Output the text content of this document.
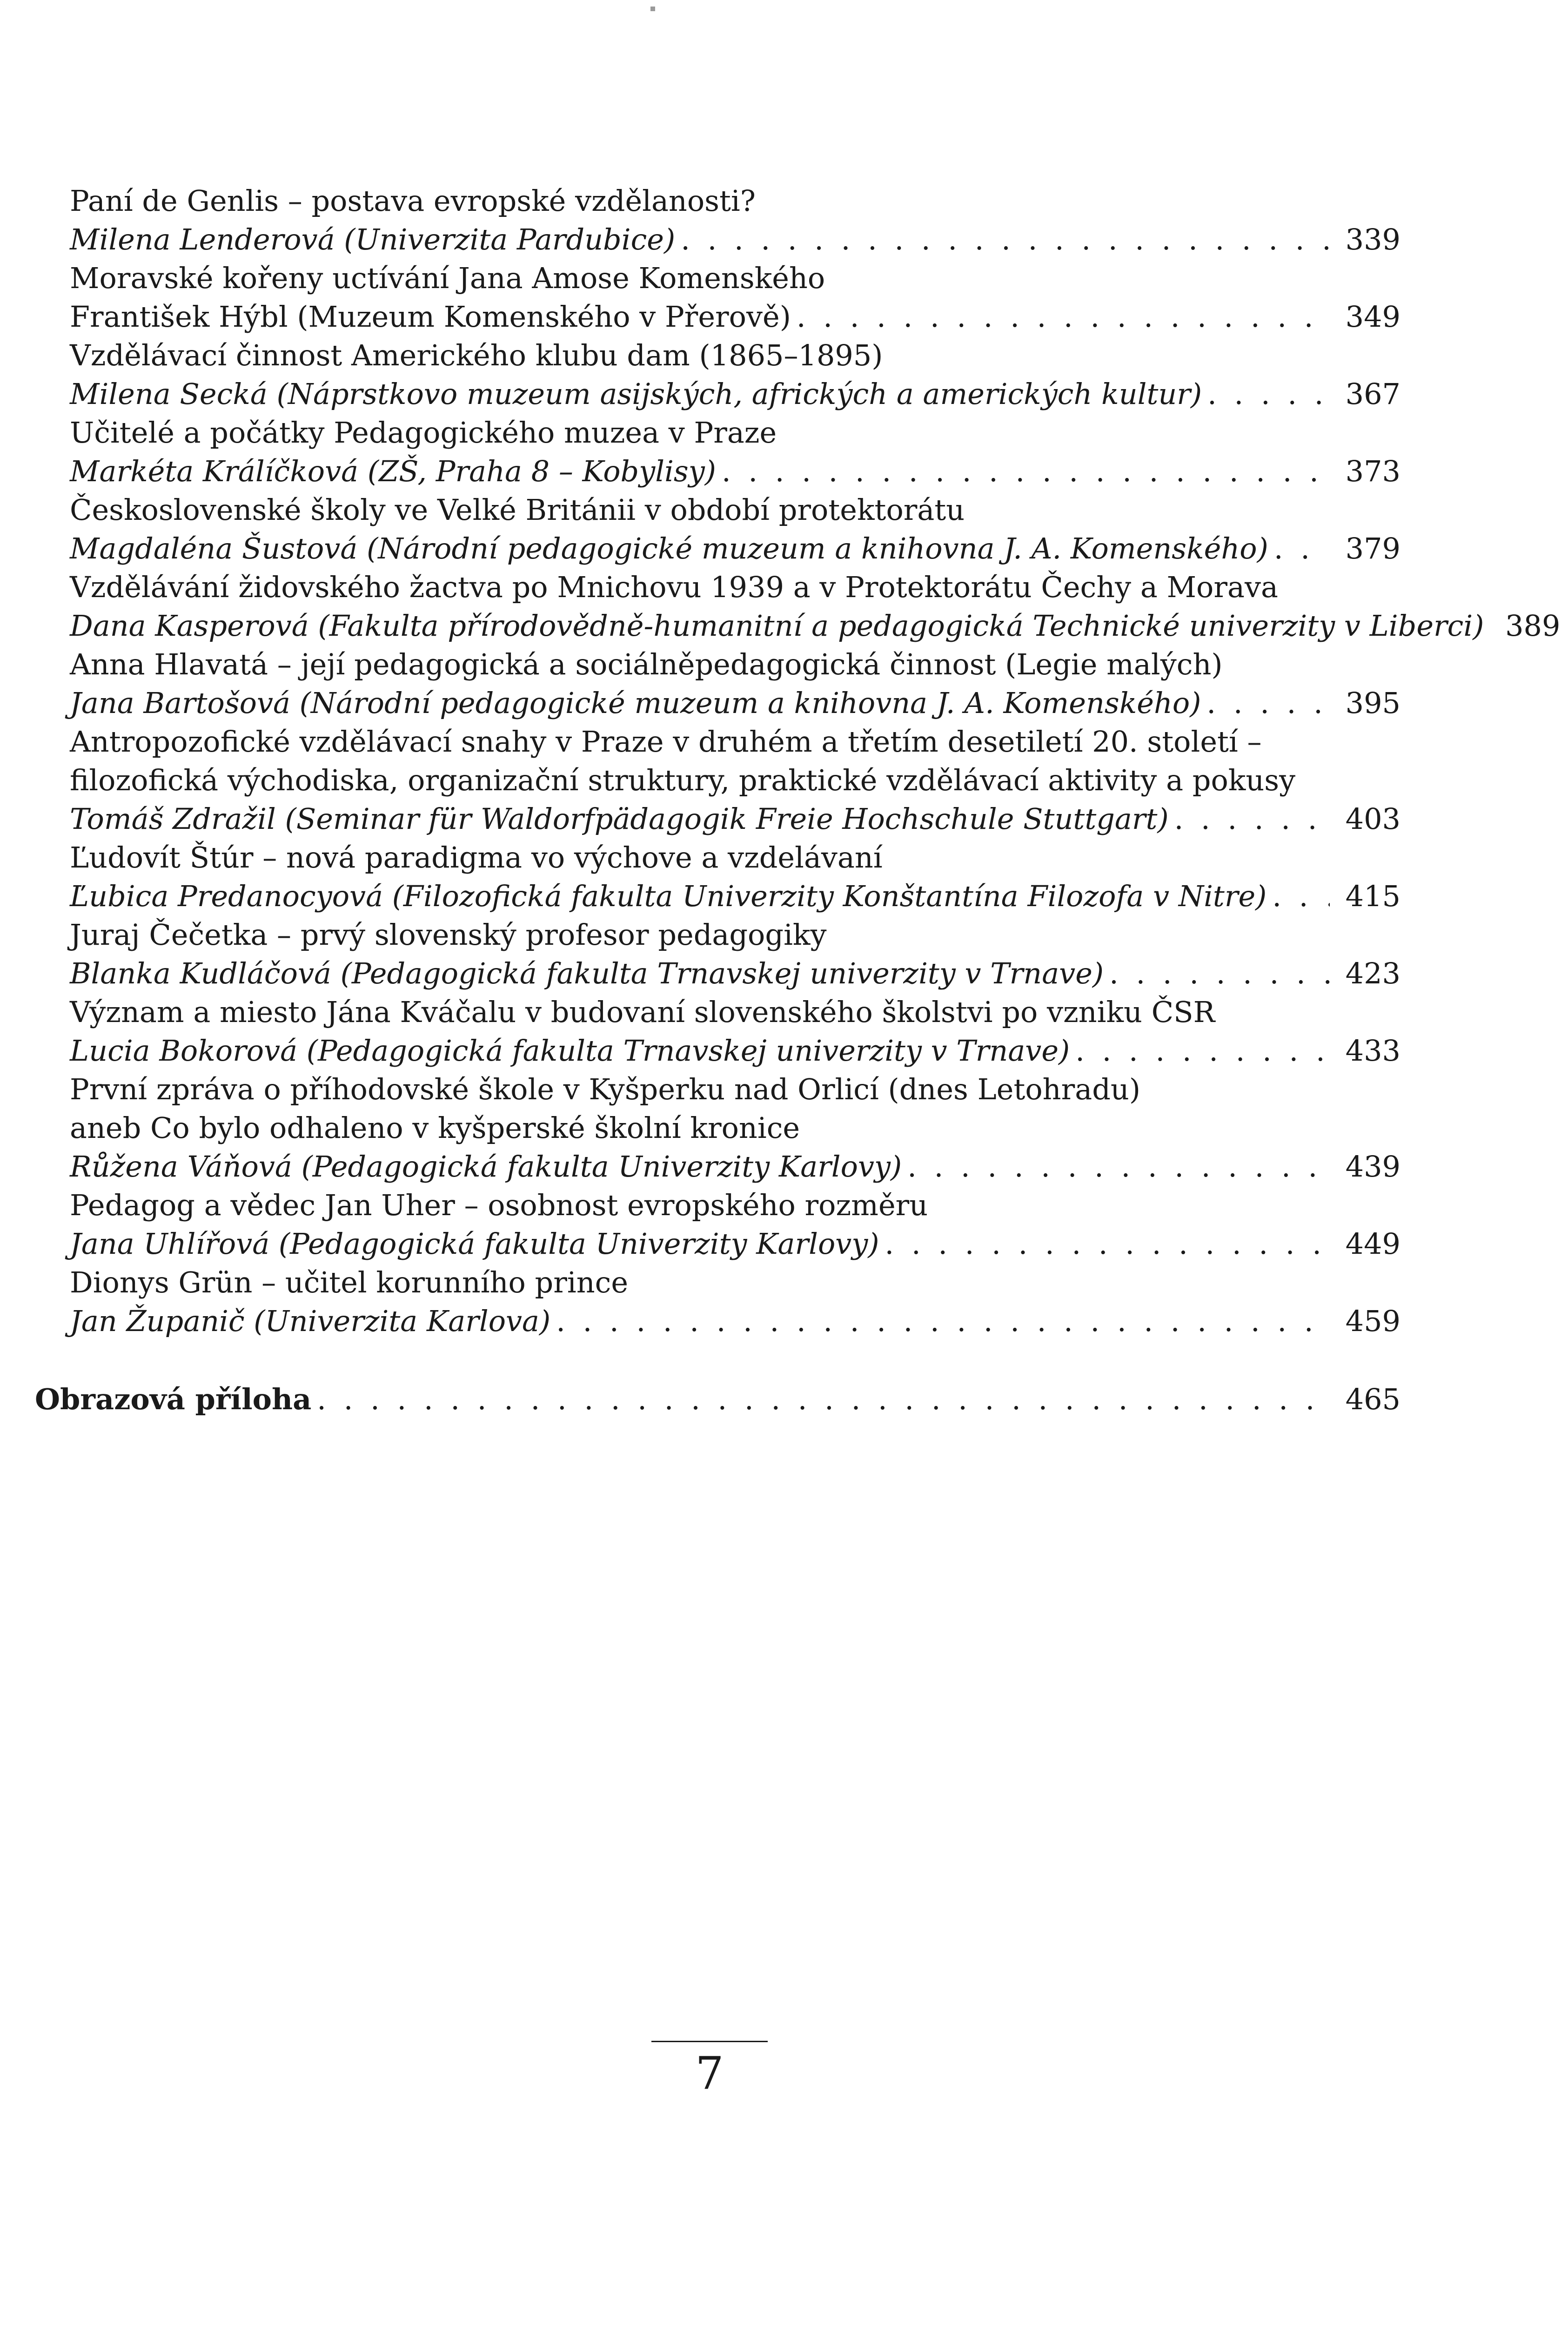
Paní de Genlis – postava evropské vzdělanosti?
Milena Lenderová (Univerzita Pardubice) . . .	339
Moravské kořeny uctívání Jana Amose Komenského
František Hýbl (Muzeum Komenského v Přerově) . . .	349
Vzdělávací činnost Amerického klubu dam (1865–1895)
Milena Secká (Náprstkovo muzeum asijských, afrických a amerických kultur) . . .	367
Učitelé a počátky Pedagogického muzea v Praze
Markéta Králíčková (ZŠ, Praha 8 – Kobylisy) . . .	373
Československé školy ve Velké Británii v období protektorátu
Magdaléna Šustová (Národní pedagogické muzeum a knihovna J. A. Komenského) . . .	379
Vzdělávání židovského žactva po Mnichovu 1939 a v Protektorátu Čechy a Morava
Dana Kasperová (Fakulta přírodovědně-humanitní a pedagogická Technické univerzity v Liberci) 389
Anna Hlavatá – její pedagogická a sociálněpedagogická činnost (Legie malých)
Jana Bartošová (Národní pedagogické muzeum a knihovna J. A. Komenského) . . .	395
Antropozofické vzdělávací snahy v Praze v druhém a třetím desetiletí 20. století –
filozofická východiska, organizační struktury, praktické vzdělávací aktivity a pokusy
Tomáš Zdražil (Seminar für Waldorfpädagogik Freie Hochschule Stuttgart) . . .	403
Ľudovít Štúr – nová paradigma vo výchove a vzdelávaní
Ľubica Predanocyová (Filozofická fakulta Univerzity Konštantína Filozofa v Nitre) . . .	415
Juraj Čečetka – prvý slovenský profesor pedagogiky
Blanka Kudláčová (Pedagogická fakulta Trnavskej univerzity v Trnave) . . .	423
Význam a miesto Jána Kváčalu v budovaní slovenského školstvi po vzniku ČSR
Lucia Bokorová (Pedagogická fakulta Trnavskej univerzity v Trnave) . . .	433
První zpráva o příhodovské škole v Kyšperku nad Orlicí (dnes Letohradu)
aneb Co bylo odhaleno v kyšperské školní kronice
Růžena Váňová (Pedagogická fakulta Univerzity Karlovy) . . .	439
Pedagog a vědec Jan Uher – osobnost evropského rozměru
Jana Uhlířová (Pedagogická fakulta Univerzity Karlovy) . . .	449
Dionys Grün – učitel korunního prince
Jan Županič (Univerzita Karlova) . . .	459
Obrazová příloha . . .	465
7
